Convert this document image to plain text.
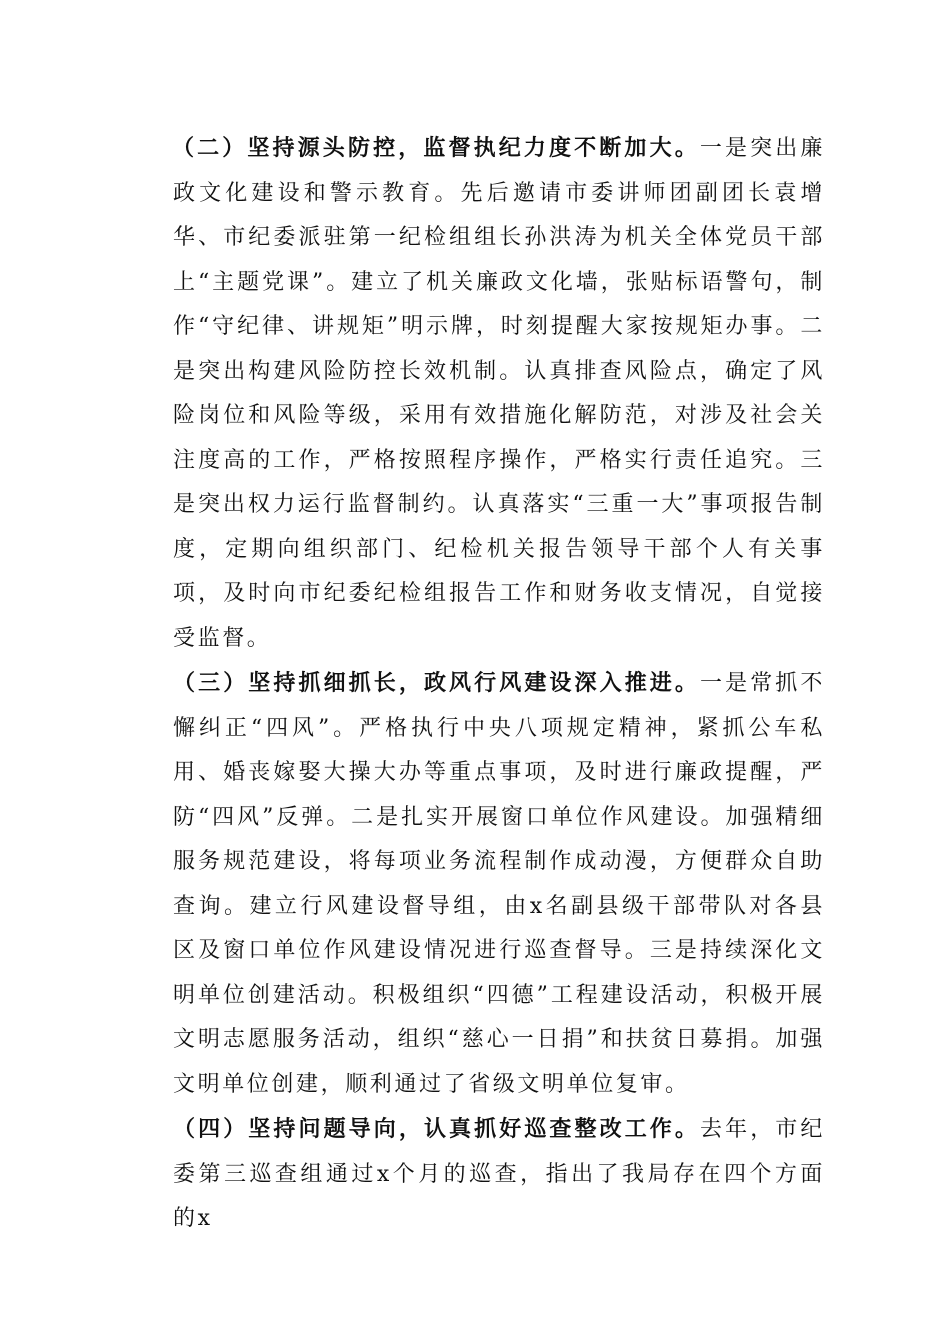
（二）坚持源头防控，监督执纪力度不断加大。一是突出廉政文化建设和警示教育。先后邀请市委讲师团副团长袁增华、市纪委派驻第一纪检组组长孙洪涛为机关全体党员干部上“主题党课”。建立了机关廉政文化墙，张贴标语警句，制作“守纪律、讲规矩”明示牌，时刻提醒大家按规矩办事。二是突出构建风险防控长效机制。认真排查风险点，确定了风险岗位和风险等级，采用有效措施化解防范，对涉及社会关注度高的工作，严格按照程序操作，严格实行责任追究。三是突出权力运行监督制约。认真落实“三重一大”事项报告制度，定期向组织部门、纪检机关报告领导干部个人有关事项，及时向市纪委纪检组报告工作和财务收支情况，自觉接受监督。

（三）坚持抓细抓长，政风行风建设深入推进。一是常抓不懈纠正“四风”。严格执行中央八项规定精神，紧抓公车私用、婚丧嫁娶大操大办等重点事项，及时进行廉政提醒，严防“四风”反弹。二是扎实开展窗口单位作风建设。加强精细服务规范建设，将每项业务流程制作成动漫，方便群众自助查询。建立行风建设督导组，由x名副县级干部带队对各县区及窗口单位作风建设情况进行巡查督导。三是持续深化文明单位创建活动。积极组织“四德”工程建设活动，积极开展文明志愿服务活动，组织“慈心一日捐”和扶贫日募捐。加强文明单位创建，顺利通过了省级文明单位复审。

（四）坚持问题导向，认真抓好巡查整改工作。去年，市纪委第三巡查组通过x个月的巡查，指出了我局存在四个方面的x
